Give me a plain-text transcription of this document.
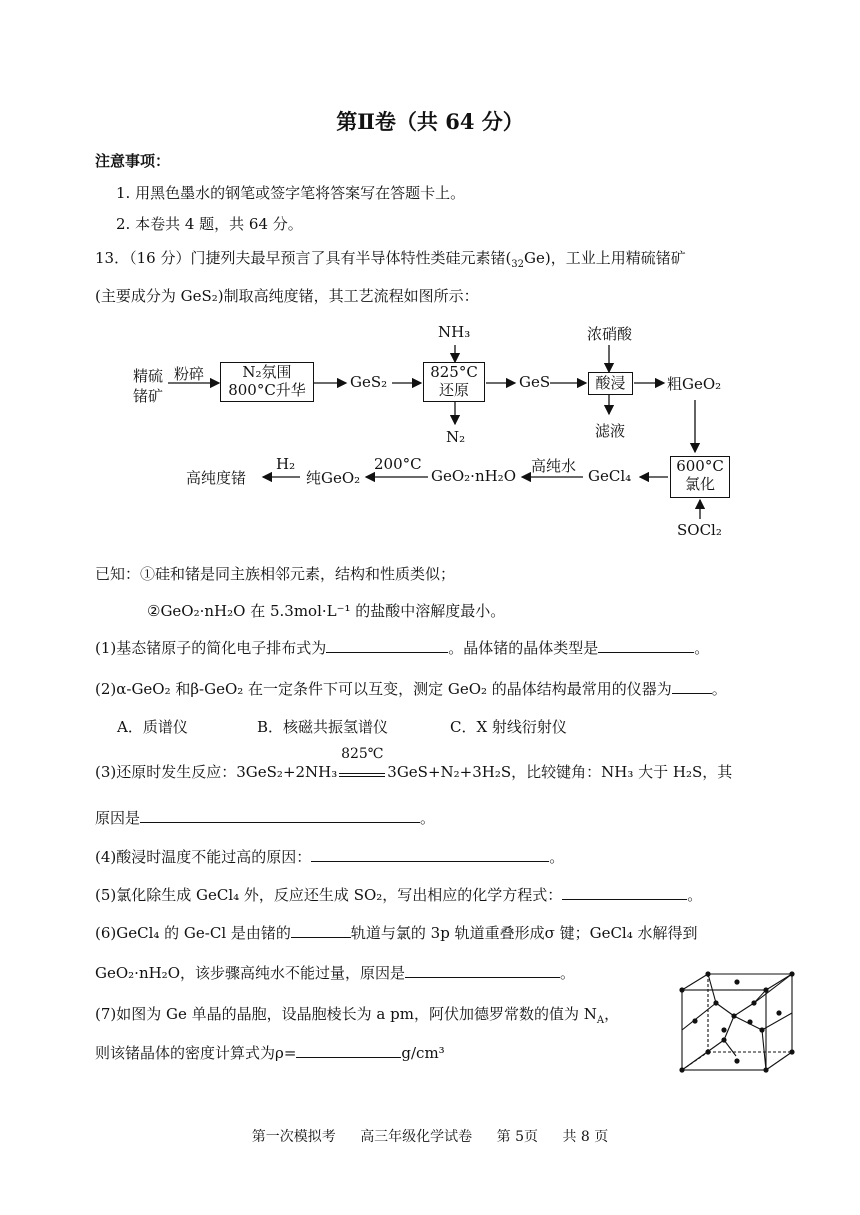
第Ⅱ卷（共 64 分）
注意事项：
1. 用黑色墨水的钢笔或签字笔将答案写在答题卡上。
2. 本卷共 4 题，共 64 分。
13．（16 分）门捷列夫最早预言了具有半导体特性类硅元素锗$(_{32}Ge)$，工业上用精硫锗矿
(主要成分为 GeS₂)制取高纯度锗，其工艺流程如图所示：
精硫
锗矿
粉碎	N₂氛围
800°C升华	GeS₂
NH₃
825°C
还原
N₂
GeS
浓硝酸
酸浸
滤液
粗GeO₂
600°C
氯化
SOCl₂
GeCl₄
高纯水
GeO₂·nH₂O
200°C
纯GeO₂
H₂
高纯度锗
已知：①硅和锗是同主族相邻元素，结构和性质类似；
②GeO₂·nH₂O 在 5.3mol·L⁻¹ 的盐酸中溶解度最小。
(1)基态锗原子的简化电子排布式为	。晶体锗的晶体类型是	。
(2)α-GeO₂ 和β-GeO₂ 在一定条件下可以互变，测定 GeO₂ 的晶体结构最常用的仪器为	。
A．质谱仪	B．核磁共振氢谱仪	C．X 射线衍射仪
(3)还原时发生反应：3GeS₂+2NH₃
825℃
3GeS+N₂+3H₂S，比较键角：NH₃ 大于 H₂S，其
原因是	。
(4)酸浸时温度不能过高的原因：	。
(5)氯化除生成 GeCl₄ 外，反应还生成 SO₂，写出相应的化学方程式：	。
(6)GeCl₄ 的 Ge-Cl 是由锗的	轨道与氯的 3p 轨道重叠形成σ 键；GeCl₄ 水解得到
GeO₂·nH₂O，该步骤高纯水不能过量，原因是	。
(7)如图为 Ge 单晶的晶胞，设晶胞棱长为 a pm，阿伏加德罗常数的值为 $N_A$，
则该锗晶体的密度计算式为ρ=	g/cm³
第一次模拟考 高三年级化学试卷 第 5页 共 8 页
